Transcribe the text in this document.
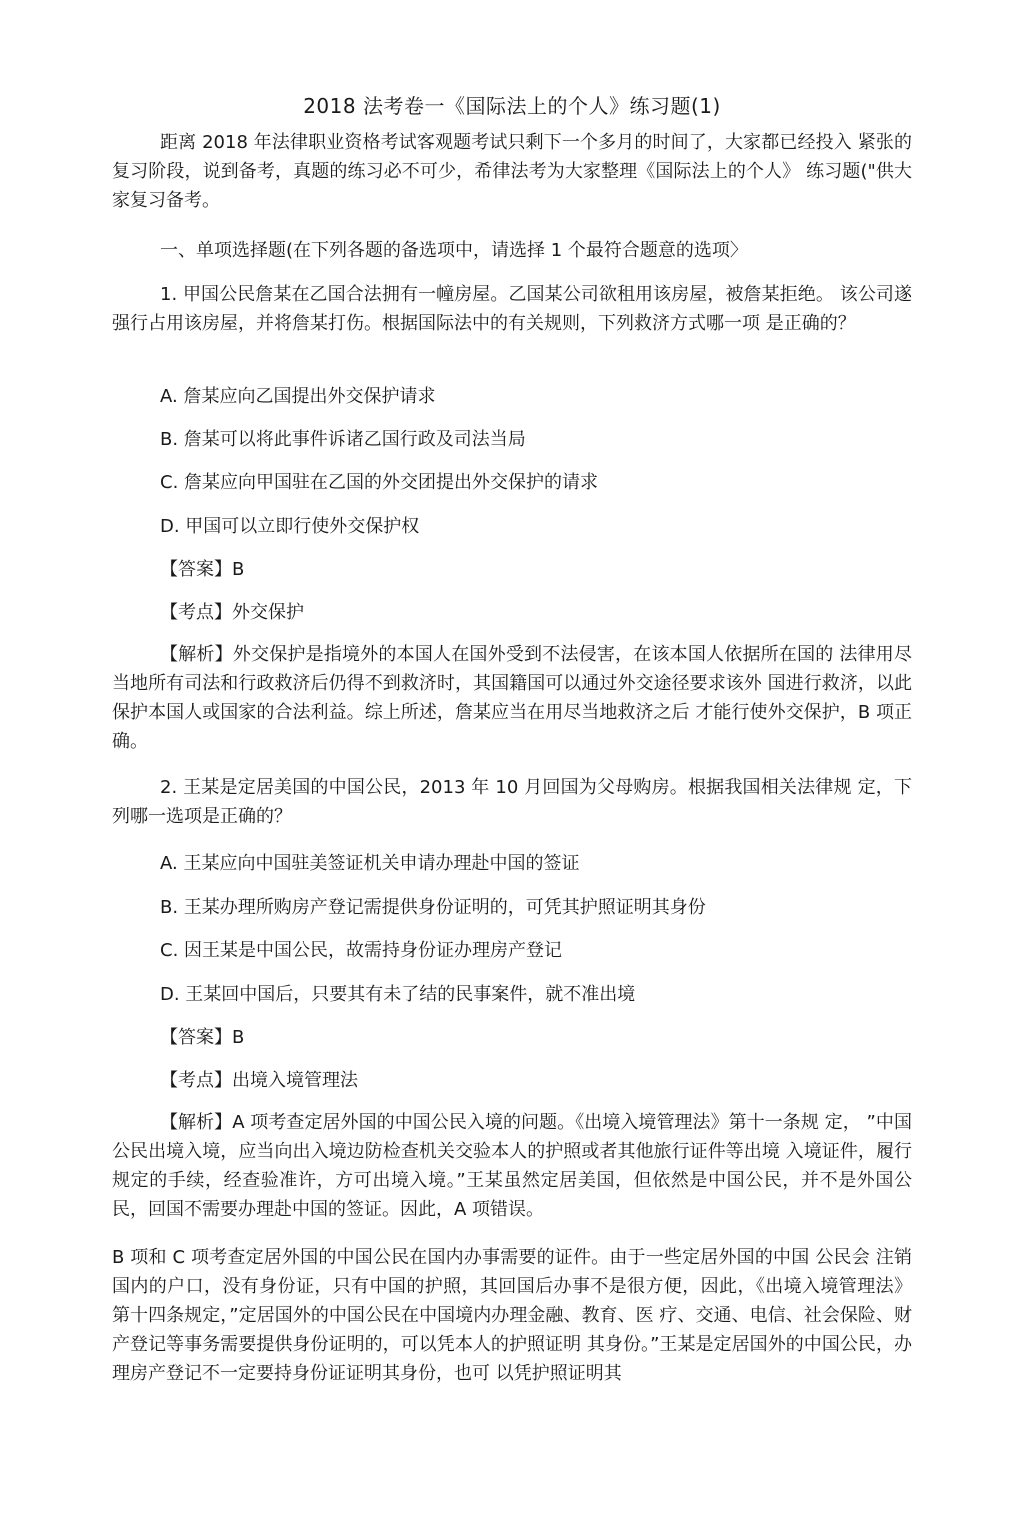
2018 法考卷一《国际法上的个人》练习题(1)

距离 2018 年法律职业资格考试客观题考试只剩下一个多月的时间了，大家都已经投入 紧张的复习阶段，说到备考，真题的练习必不可少，希律法考为大家整理《国际法上的个人》 练习题("供大家复习备考。

一、单项选择题(在下列各题的备选项中，请选择 1 个最符合题意的选项〉

1. 甲国公民詹某在乙国合法拥有一幢房屋。乙国某公司欲租用该房屋，被詹某拒绝。 该公司遂强行占用该房屋，并将詹某打伤。根据国际法中的有关规则，下列救济方式哪一项 是正确的？

A. 詹某应向乙国提出外交保护请求

B. 詹某可以将此事件诉诸乙国行政及司法当局

C. 詹某应向甲国驻在乙国的外交团提出外交保护的请求

D. 甲国可以立即行使外交保护权

【答案】B

【考点】外交保护

【解析】外交保护是指境外的本国人在国外受到不法侵害，在该本国人依据所在国的 法律用尽当地所有司法和行政救济后仍得不到救济时，其国籍国可以通过外交途径要求该外 国进行救济，以此保护本国人或国家的合法利益。综上所述，詹某应当在用尽当地救济之后 才能行使外交保护，B 项正确。

2. 王某是定居美国的中国公民，2013 年 10 月回国为父母购房。根据我国相关法律规 定，下列哪一选项是正确的？

A. 王某应向中国驻美签证机关申请办理赴中国的签证

B. 王某办理所购房产登记需提供身份证明的，可凭其护照证明其身份

C. 因王某是中国公民，故需持身份证办理房产登记

D. 王某回中国后，只要其有未了结的民事案件，就不准出境

【答案】B

【考点】出境入境管理法

【解析】A 项考查定居外国的中国公民入境的问题。《出境入境管理法》第十一条规 定， ”中国公民出境入境，应当向出入境边防检查机关交验本人的护照或者其他旅行证件等出境 入境证件，履行规定的手续，经查验准许，方可出境入境。”王某虽然定居美国，但依然是中国公民，并不是外国公民，回国不需要办理赴中国的签证。因此，A 项错误。

B 项和 C 项考查定居外国的中国公民在国内办事需要的证件。由于一些定居外国的中国 公民会 注销国内的户口，没有身份证，只有中国的护照，其回国后办事不是很方便，因此，《出境入境管理法》第十四条规定，”定居国外的中国公民在中国境内办理金融、教育、医 疗、交通、电信、社会保险、财产登记等事务需要提供身份证明的，可以凭本人的护照证明 其身份。”王某是定居国外的中国公民，办理房产登记不一定要持身份证证明其身份，也可 以凭护照证明其
